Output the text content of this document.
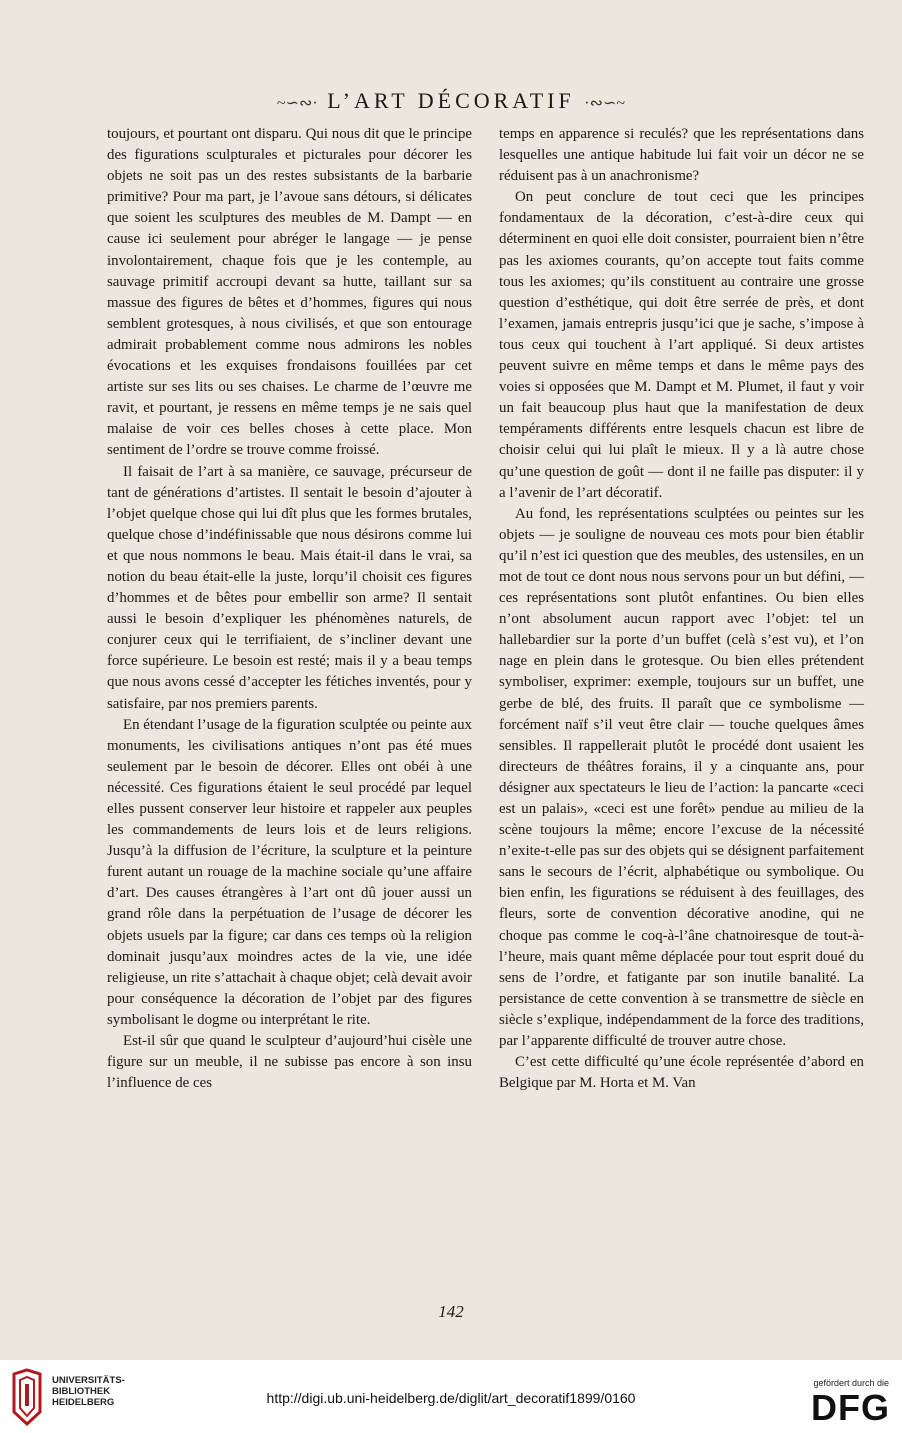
~∽∾· L’ART DÉCORATIF ·∾∽~

toujours, et pourtant ont disparu. Qui nous dit que le principe des figurations sculpturales et picturales pour décorer les objets ne soit pas un des restes subsistants de la barbarie primitive? Pour ma part, je l’avoue sans détours, si délicates que soient les sculptures des meubles de M. Dampt — en cause ici seulement pour abréger le langage — je pense involontairement, chaque fois que je les contemple, au sauvage primitif accroupi devant sa hutte, taillant sur sa massue des figures de bêtes et d’hommes, figures qui nous semblent grotesques, à nous civilisés, et que son entourage admirait probablement comme nous admirons les nobles évocations et les exquises frondaisons fouillées par cet artiste sur ses lits ou ses chaises. Le charme de l’œuvre me ravit, et pourtant, je ressens en même temps je ne sais quel malaise de voir ces belles choses à cette place. Mon sentiment de l’ordre se trouve comme froissé.

Il faisait de l’art à sa manière, ce sauvage, précurseur de tant de générations d’artistes. Il sentait le besoin d’ajouter à l’objet quelque chose qui lui dît plus que les formes brutales, quelque chose d’indéfinissable que nous désirons comme lui et que nous nommons le beau. Mais était-il dans le vrai, sa notion du beau était-elle la juste, lorqu’il choisit ces figures d’hommes et de bêtes pour embellir son arme? Il sentait aussi le besoin d’expliquer les phénomènes naturels, de conjurer ceux qui le terrifiaient, de s’incliner devant une force supérieure. Le besoin est resté; mais il y a beau temps que nous avons cessé d’accepter les fétiches inventés, pour y satisfaire, par nos premiers parents.

En étendant l’usage de la figuration sculptée ou peinte aux monuments, les civilisations antiques n’ont pas été mues seulement par le besoin de décorer. Elles ont obéi à une nécessité. Ces figurations étaient le seul procédé par lequel elles pussent conserver leur histoire et rappeler aux peuples les commandements de leurs lois et de leurs religions. Jusqu’à la diffusion de l’écriture, la sculpture et la peinture furent autant un rouage de la machine sociale qu’une affaire d’art. Des causes étrangères à l’art ont dû jouer aussi un grand rôle dans la perpétuation de l’usage de décorer les objets usuels par la figure; car dans ces temps où la religion dominait jusqu’aux moindres actes de la vie, une idée religieuse, un rite s’attachait à chaque objet; celà devait avoir pour conséquence la décoration de l’objet par des figures symbolisant le dogme ou interprétant le rite.

Est-il sûr que quand le sculpteur d’aujourd’hui cisèle une figure sur un meuble, il ne subisse pas encore à son insu l’influence de ces

temps en apparence si reculés? que les représentations dans lesquelles une antique habitude lui fait voir un décor ne se réduisent pas à un anachronisme?

On peut conclure de tout ceci que les principes fondamentaux de la décoration, c’est-à-dire ceux qui déterminent en quoi elle doit consister, pourraient bien n’être pas les axiomes courants, qu’on accepte tout faits comme tous les axiomes; qu’ils constituent au contraire une grosse question d’esthétique, qui doit être serrée de près, et dont l’examen, jamais entrepris jusqu’ici que je sache, s’impose à tous ceux qui touchent à l’art appliqué. Si deux artistes peuvent suivre en même temps et dans le même pays des voies si opposées que M. Dampt et M. Plumet, il faut y voir un fait beaucoup plus haut que la manifestation de deux tempéraments différents entre lesquels chacun est libre de choisir celui qui lui plaît le mieux. Il y a là autre chose qu’une question de goût — dont il ne faille pas disputer: il y a l’avenir de l’art décoratif.

Au fond, les représentations sculptées ou peintes sur les objets — je souligne de nouveau ces mots pour bien établir qu’il n’est ici question que des meubles, des ustensiles, en un mot de tout ce dont nous nous servons pour un but défini, — ces représentations sont plutôt enfantines. Ou bien elles n’ont absolument aucun rapport avec l’objet: tel un hallebardier sur la porte d’un buffet (celà s’est vu), et l’on nage en plein dans le grotesque. Ou bien elles prétendent symboliser, exprimer: exemple, toujours sur un buffet, une gerbe de blé, des fruits. Il paraît que ce symbolisme — forcément naïf s’il veut être clair — touche quelques âmes sensibles. Il rappellerait plutôt le procédé dont usaient les directeurs de théâtres forains, il y a cinquante ans, pour désigner aux spectateurs le lieu de l’action: la pancarte «ceci est un palais», «ceci est une forêt» pendue au milieu de la scène toujours la même; encore l’excuse de la nécessité n’exite-t-elle pas sur des objets qui se désignent parfaitement sans le secours de l’écrit, alphabétique ou symbolique. Ou bien enfin, les figurations se réduisent à des feuillages, des fleurs, sorte de convention décorative anodine, qui ne choque pas comme le coq-à-l’âne chatnoiresque de tout-à-l’heure, mais quant même déplacée pour tout esprit doué du sens de l’ordre, et fatigante par son inutile banalité. La persistance de cette convention à se transmettre de siècle en siècle s’explique, indépendamment de la force des traditions, par l’apparente difficulté de trouver autre chose.

C’est cette difficulté qu’une école représentée d’abord en Belgique par M. Horta et M. Van

142
UNIVERSITÄTS-
BIBLIOTHEK
HEIDELBERG	http://digi.ub.uni-heidelberg.de/diglit/art_decoratif1899/0160
gefördert durch die
DFG
